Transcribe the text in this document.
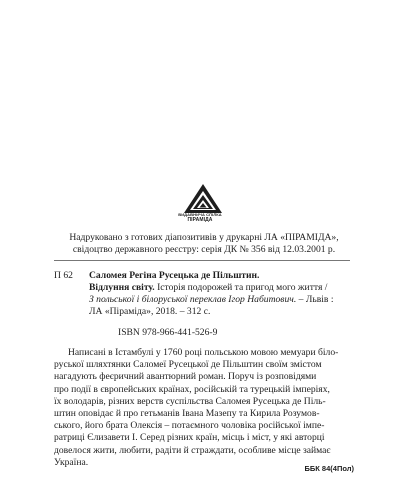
ВИДАВНИЧА СПІЛКА
ПІРАМІДА
Надруковано з готових діапозитивів у друкарні ЛА «ПІРАМІДА»,
свідоцтво державного реєстру: серія ДК № 356 від 12.03.2001 р.
П 62 Саломея Регіна Русецька де Пільштин.
Відлуння світу. Історія подорожей та пригод мого життя /
З польської і білоруської переклав Ігор Набитович. – Львів :
ЛА «Піраміда», 2018. – 312 с.
ISBN 978-966-441-526-9
Написані в Істамбулі у 1760 році польською мовою мемуари біло-
руської шляхтянки Саломеї Русецької де Пільштин своїм змістом
нагадують феєричний авантюрний роман. Поруч із розповідями
про події в європейських країнах, російській та турецькій імперіях,
їх володарів, різних верств суспільства Саломея Русецька де Піль-
штин оповідає й про гетьманів Івана Мазепу та Кирила Розумов-
ського, його брата Олексія – потаємного чоловіка російської імпе-
ратриці Єлизавети І. Серед різних країн, місць і міст, у які авторці
довелося жити, любити, радіти й страждати, особливе місце займає
Україна.
ББК 84(4Пол)
